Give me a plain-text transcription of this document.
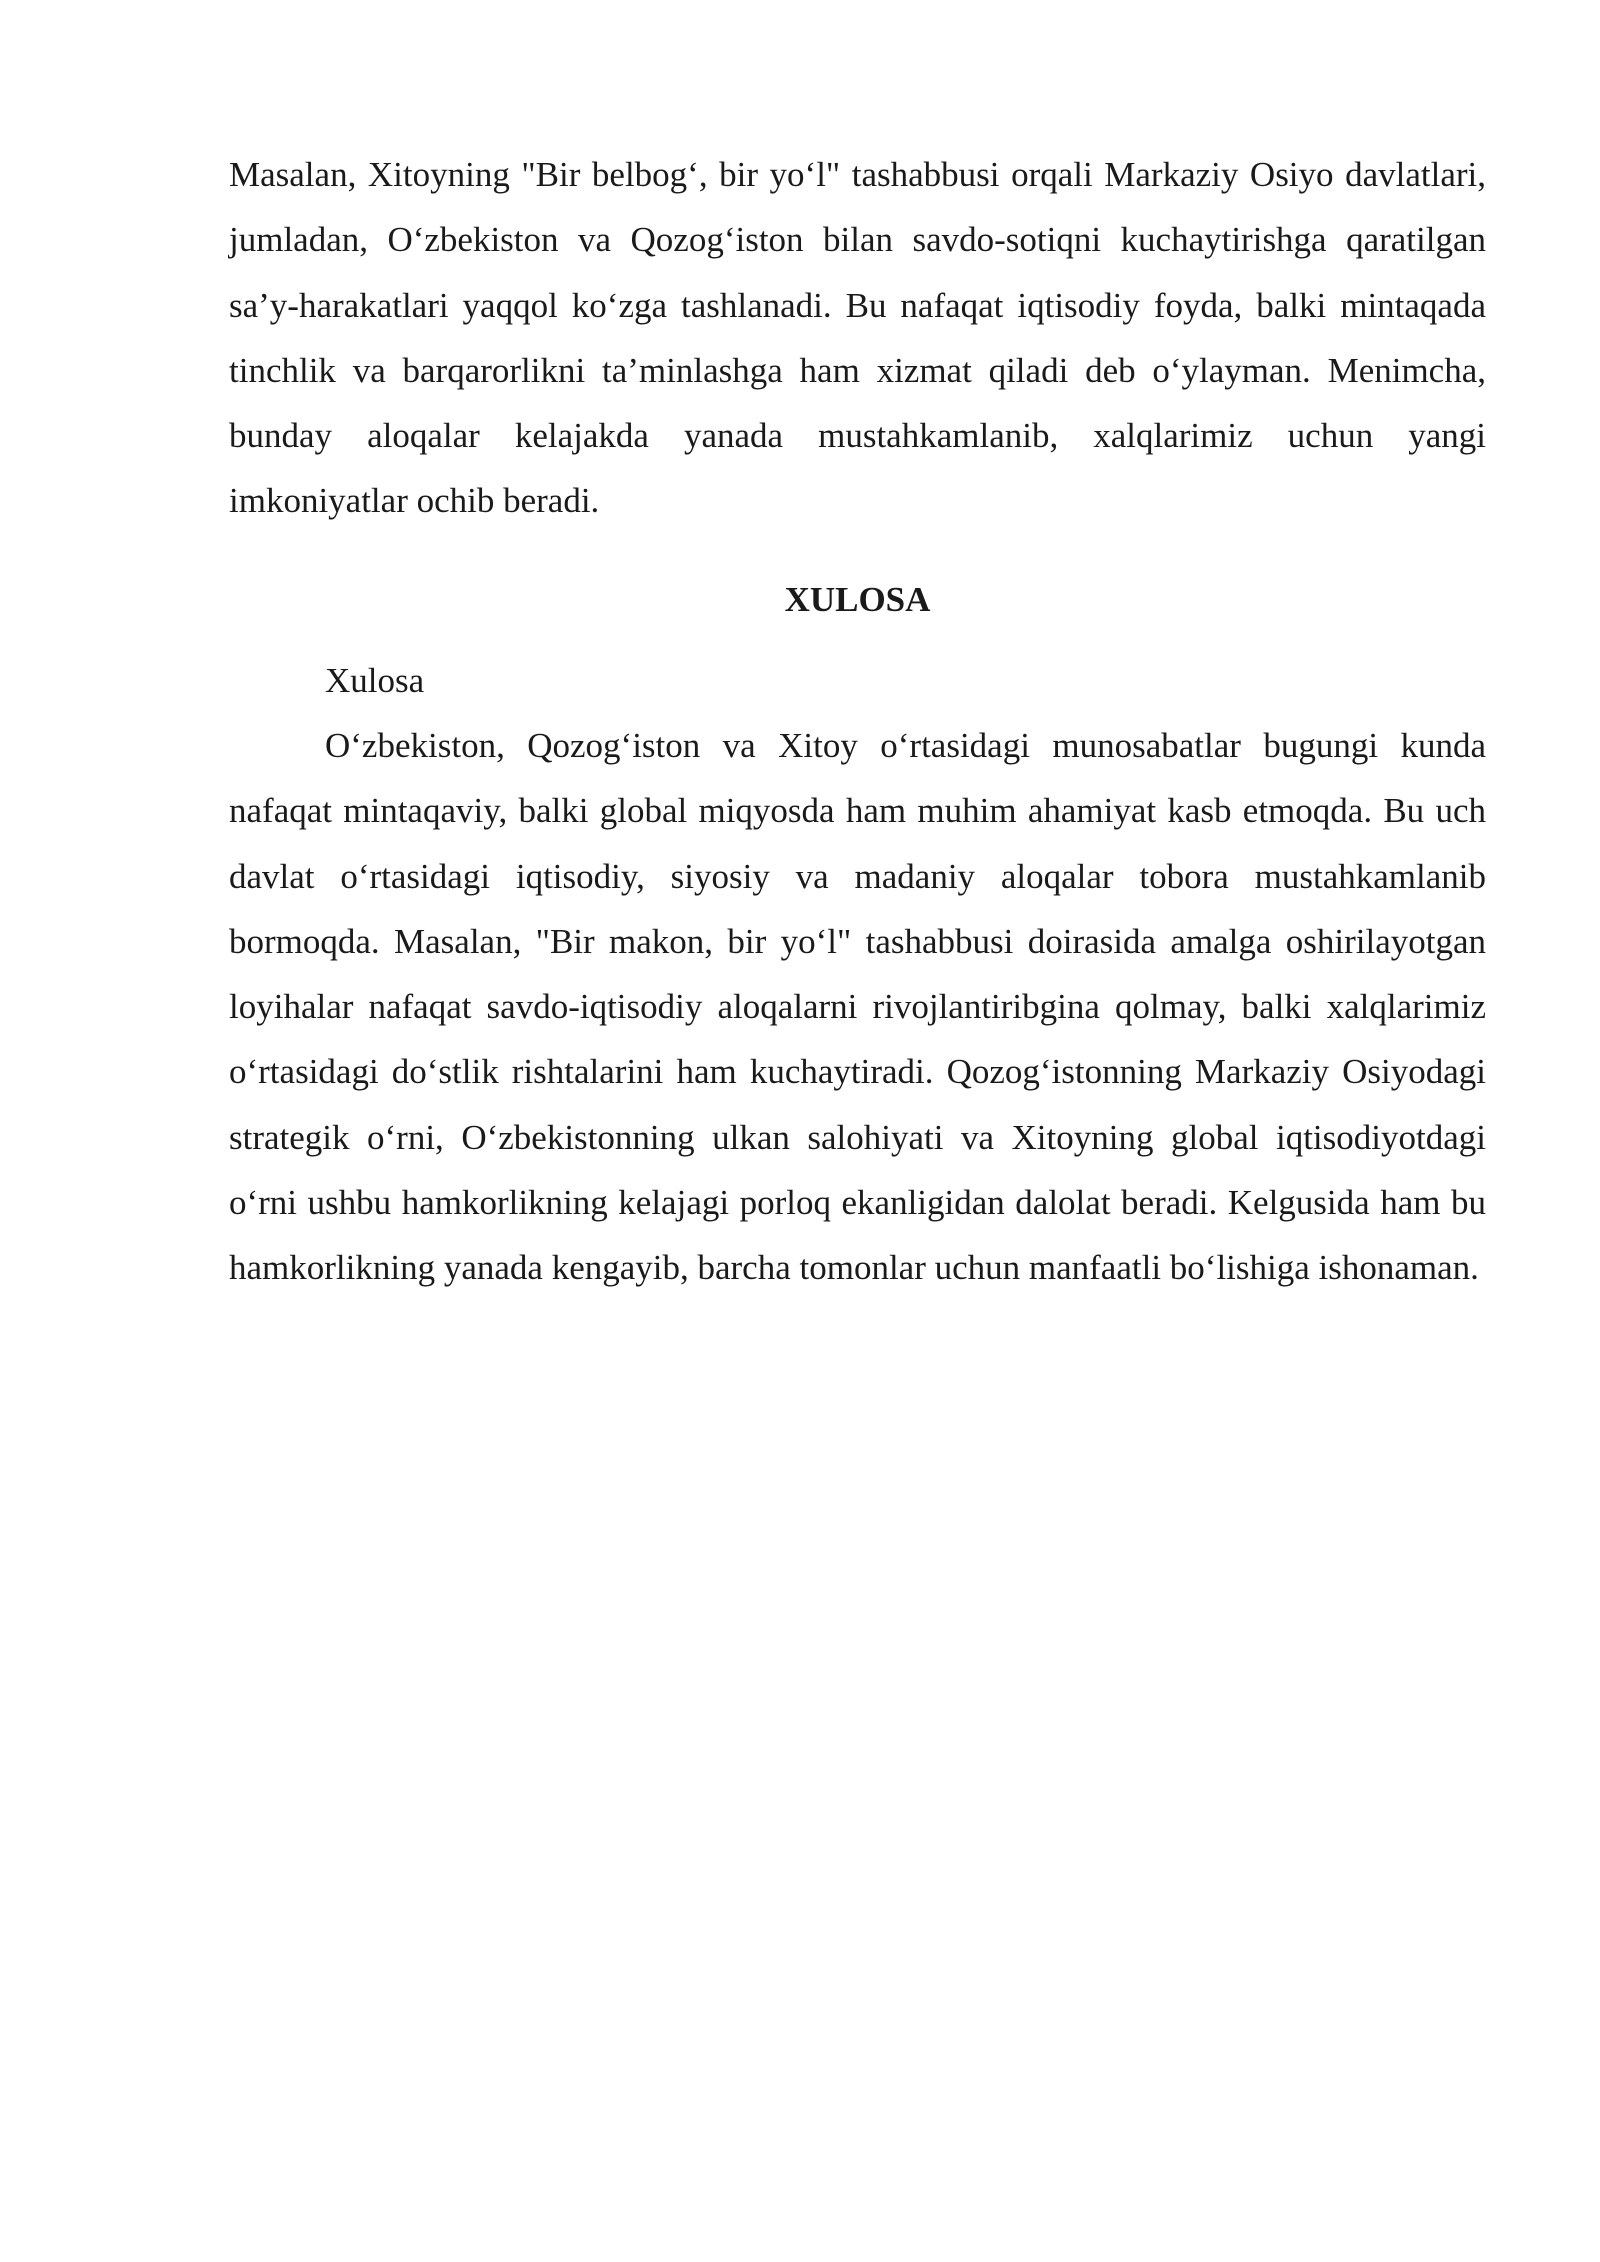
Masalan, Xitoyning "Bir belbog‘, bir yo‘l" tashabbusi orqali Markaziy Osiyo davlatlari, jumladan, O‘zbekiston va Qozog‘iston bilan savdo-sotiqni kuchaytirishga qaratilgan sa’y-harakatlari yaqqol ko‘zga tashlanadi. Bu nafaqat iqtisodiy foyda, balki mintaqada tinchlik va barqarorlikni ta’minlashga ham xizmat qiladi deb o‘ylayman. Menimcha, bunday aloqalar kelajakda yanada mustahkamlanib, xalqlarimiz uchun yangi imkoniyatlar ochib beradi.

XULOSA

Xulosa

O‘zbekiston, Qozog‘iston va Xitoy o‘rtasidagi munosabatlar bugungi kunda nafaqat mintaqaviy, balki global miqyosda ham muhim ahamiyat kasb etmoqda. Bu uch davlat o‘rtasidagi iqtisodiy, siyosiy va madaniy aloqalar tobora mustahkamlanib bormoqda. Masalan, "Bir makon, bir yo‘l" tashabbusi doirasida amalga oshirilayotgan loyihalar nafaqat savdo-iqtisodiy aloqalarni rivojlantiribgina qolmay, balki xalqlarimiz o‘rtasidagi do‘stlik rishtalarini ham kuchaytiradi. Qozog‘istonning Markaziy Osiyodagi strategik o‘rni, O‘zbekistonning ulkan salohiyati va Xitoyning global iqtisodiyotdagi o‘rni ushbu hamkorlikning kelajagi porloq ekanligidan dalolat beradi. Kelgusida ham bu hamkorlikning yanada kengayib, barcha tomonlar uchun manfaatli bo‘lishiga ishonaman.
